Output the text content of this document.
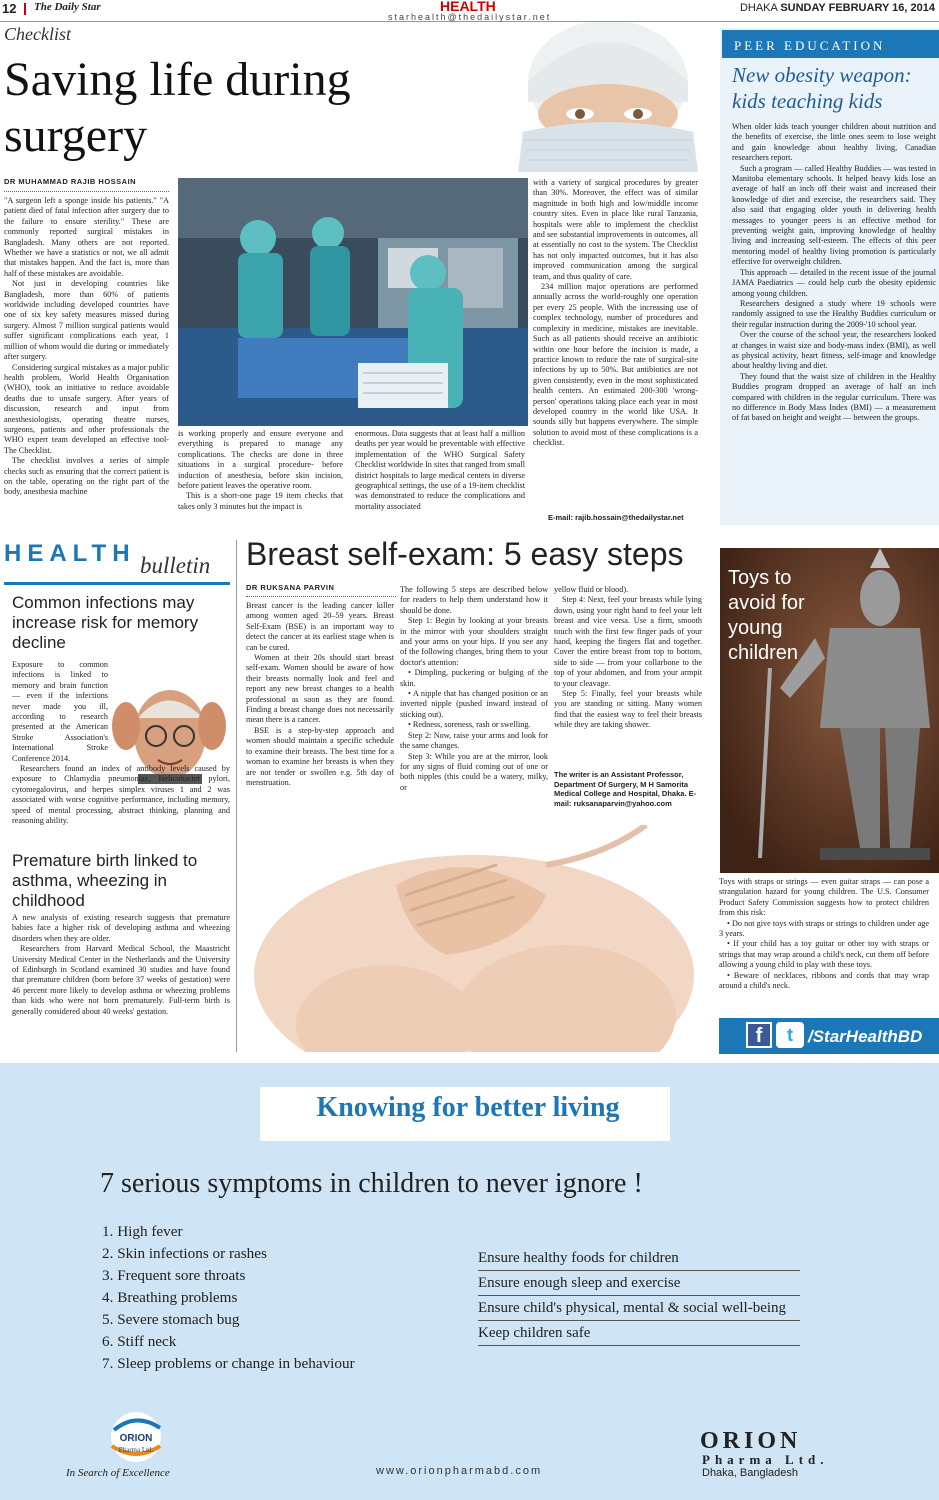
12 The Daily Star	HEALTH
starhealth@thedailystar.net
DHAKA SUNDAY FEBRUARY 16, 2014
Checklist
Saving life during surgery
DR MUHAMMAD RAJIB HOSSAIN

"A surgeon left a sponge inside his patients." "A patient died of fatal infection after surgery due to the failure to ensure sterility." These are commonly reported surgical mistakes in Bangladesh. Many others are not reported. Whether we have a statistics or not, we all admit that mistakes happen. And the fact is, more than half of these mistakes are avoidable.

Not just in developing countries like Bangladesh, more than 60% of patients worldwide including developed countries have one of six key safety measures missed during surgery. Almost 7 million surgical patients would suffer significant complications each year, 1 million of whom would die during or immediately after surgery.

Considering surgical mistakes as a major public health problem, World Health Organisation (WHO), took an initiative to reduce avoidable deaths due to unsafe surgery. After years of discussion, research and input from anesthesiologists, operating theatre nurses, surgeons, patients and other professionals the WHO expert team developed an effective tool- The Checklist.

The checklist involves a series of simple checks such as ensuring that the correct patient is on the table, operating on the right part of the body, anesthesia machine

is working properly and ensure everyone and everything is prepared to manage any complications. The checks are done in three situations in a surgical procedure- before induction of anesthesia, before skin incision, before patient leaves the operative room.

This is a short-one page 19 item checks that takes only 3 minutes but the impact is

enormous. Data suggests that at least half a million deaths per year would be preventable with effective implementation of the WHO Surgical Safety Checklist worldwide In sites that ranged from small district hospitals to large medical centers in diverse geographical settings, the use of a 19-item checklist was demonstrated to reduce the complications and mortality associated

with a variety of surgical procedures by greater than 30%. Moreover, the effect was of similar magnitude in both high and low/middle income country sites. Even in place like rural Tanzania, hospitals were able to implement the checklist and see substantial improvements in outcomes, all at essentially no cost to the system. The Checklist has not only impacted outcomes, but it has also improved communication among the surgical team, and thus quality of care.

234 million major operations are performed annually across the world-roughly one operation per every 25 people. With the increasing use of complex technology, number of procedures and complexity in medicine, mistakes are inevitable. Such as all patients should receive an antibiotic within one hour before the incision is made, a practice known to reduce the rate of surgical-site infections by up to 50%. But antibiotics are not given consistently, even in the most sophisticated health centers. An estimated 200-300 'wrong-person' operations taking place each year in most developed country in the world like USA. It sounds silly but happens everywhere. The simple solution to avoid most of these complications is a checklist.

E-mail: rajib.hossain@thedailystar.net
PEER EDUCATION
New obesity weapon: kids teaching kids

When older kids teach younger children about nutrition and the benefits of exercise, the little ones seem to lose weight and gain knowledge about healthy living, Canadian researchers report.

Such a program — called Healthy Buddies — was tested in Manitoba elementary schools. It helped heavy kids lose an average of half an inch off their waist and increased their knowledge of diet and exercise, the researchers said. They also said that engaging older youth in delivering health messages to younger peers is an effective method for preventing weight gain, improving knowledge of healthy living and increasing self-esteem. The effects of this peer mentoring model of healthy living promotion is particularly effective for overweight children.

This approach — detailed in the recent issue of the journal JAMA Paediatrics — could help curb the obesity epidemic among young children.

Researchers designed a study where 19 schools were randomly assigned to use the Healthy Buddies curriculum or their regular instruction during the 2009-'10 school year.

Over the course of the school year, the researchers looked at changes in waist size and body-mass index (BMI), as well as physical activity, heart fitness, self-image and knowledge about healthy living and diet.

They found that the waist size of children in the Healthy Buddies program dropped an average of half an inch compared with children in the regular curriculum. There was no difference in Body Mass Index (BMI) — a measurement of fat based on height and weight — between the groups.

HEALTH bulletin
Common infections may increase risk for memory decline

Exposure to common infections is linked to memory and brain function — even if the infections never made you ill, according to research presented at the American Stroke Association's International Stroke Conference 2014.

Researchers found an index of antibody levels caused by exposure to Chlamydia pneumoniae, Helicobacter pylori, cytomegalovirus, and herpes simplex viruses 1 and 2 was associated with worse cognitive performance, including memory, speed of mental processing, abstract thinking, planning and reasoning ability.

Premature birth linked to asthma, wheezing in childhood

A new analysis of existing research suggests that premature babies face a higher risk of developing asthma and wheezing disorders when they are older.

Researchers from Harvard Medical School, the Maastricht University Medical Center in the Netherlands and the University of Edinburgh in Scotland examined 30 studies and have found that premature children (born before 37 weeks of gestation) were 46 percent more likely to develop asthma or wheezing problems than kids who were not born prematurely. Full-term birth is generally considered about 40 weeks' gestation.

Breast self-exam: 5 easy steps
DR RUKSANA PARVIN

Breast cancer is the leading cancer killer among women aged 20–59 years. Breast Self-Exam (BSE) is an important way to detect the cancer at its earliest stage when is can be cured.

Women at their 20s should start breast self-exam. Women should be aware of how their breasts normally look and feel and report any new breast changes to a health professional as soon as they are found. Finding a breast change does not necessarily mean there is a cancer.

BSE is a step-by-step approach and women should maintain a specific schedule to examine their breasts. The best time for a woman to examine her breasts is when they are not tender or swollen e.g. 5th day of menstruation.

The following 5 steps are described below for readers to help them understand how it should be done.

Step 1: Begin by looking at your breasts in the mirror with your shoulders straight and your arms on your hips. If you see any of the following changes, bring them to your doctor's attention:

• Dimpling, puckering or bulging of the skin.

• A nipple that has changed position or an inverted nipple (pushed inward instead of sticking out).

• Redness, soreness, rash or swelling.

Step 2: Now, raise your arms and look for the same changes.

Step 3: While you are at the mirror, look for any signs of fluid coming out of one or both nipples (this could be a watery, milky, or

yellow fluid or blood).

Step 4: Next, feel your breasts while lying down, using your right hand to feel your left breast and vice versa. Use a firm, smooth touch with the first few finger pads of your hand, keeping the fingers flat and together. Cover the entire breast from top to bottom, side to side — from your collarbone to the top of your abdomen, and from your armpit to your cleavage.

Step 5: Finally, feel your breasts while you are standing or sitting. Many women find that the easiest way to feel their breasts while they are taking shower.

The writer is an Assistant Professor, Department Of Surgery, M H Samorita Medical College and Hospital, Dhaka. E-mail: ruksanaparvin@yahoo.com
Toys to avoid for young children

Toys with straps or strings — even guitar straps — can pose a strangulation hazard for young children. The U.S. Consumer Product Safety Commission suggests how to protect children from this risk:

• Do not give toys with straps or strings to children under age 3 years.

• If your child has a toy guitar or other toy with straps or strings that may wrap around a child's neck, cut them off before allowing a young child to play with these toys.

• Beware of necklaces, ribbons and cords that may wrap around a child's neck.

f	t /StarHealthBD
Knowing for better living
7 serious symptoms in children to never ignore !
1. High fever
2. Skin infections or rashes
3. Frequent sore throats
4. Breathing problems
5. Severe stomach bug
6. Stiff neck
7. Sleep problems or change in behaviour
Ensure healthy foods for children
Ensure enough sleep and exercise
Ensure child's physical, mental & social well-being
Keep children safe
ORION
Pharma Ltd.
In Search of Excellence	www.orionpharmabd.com
ORION
Pharma Ltd.
Dhaka, Bangladesh
